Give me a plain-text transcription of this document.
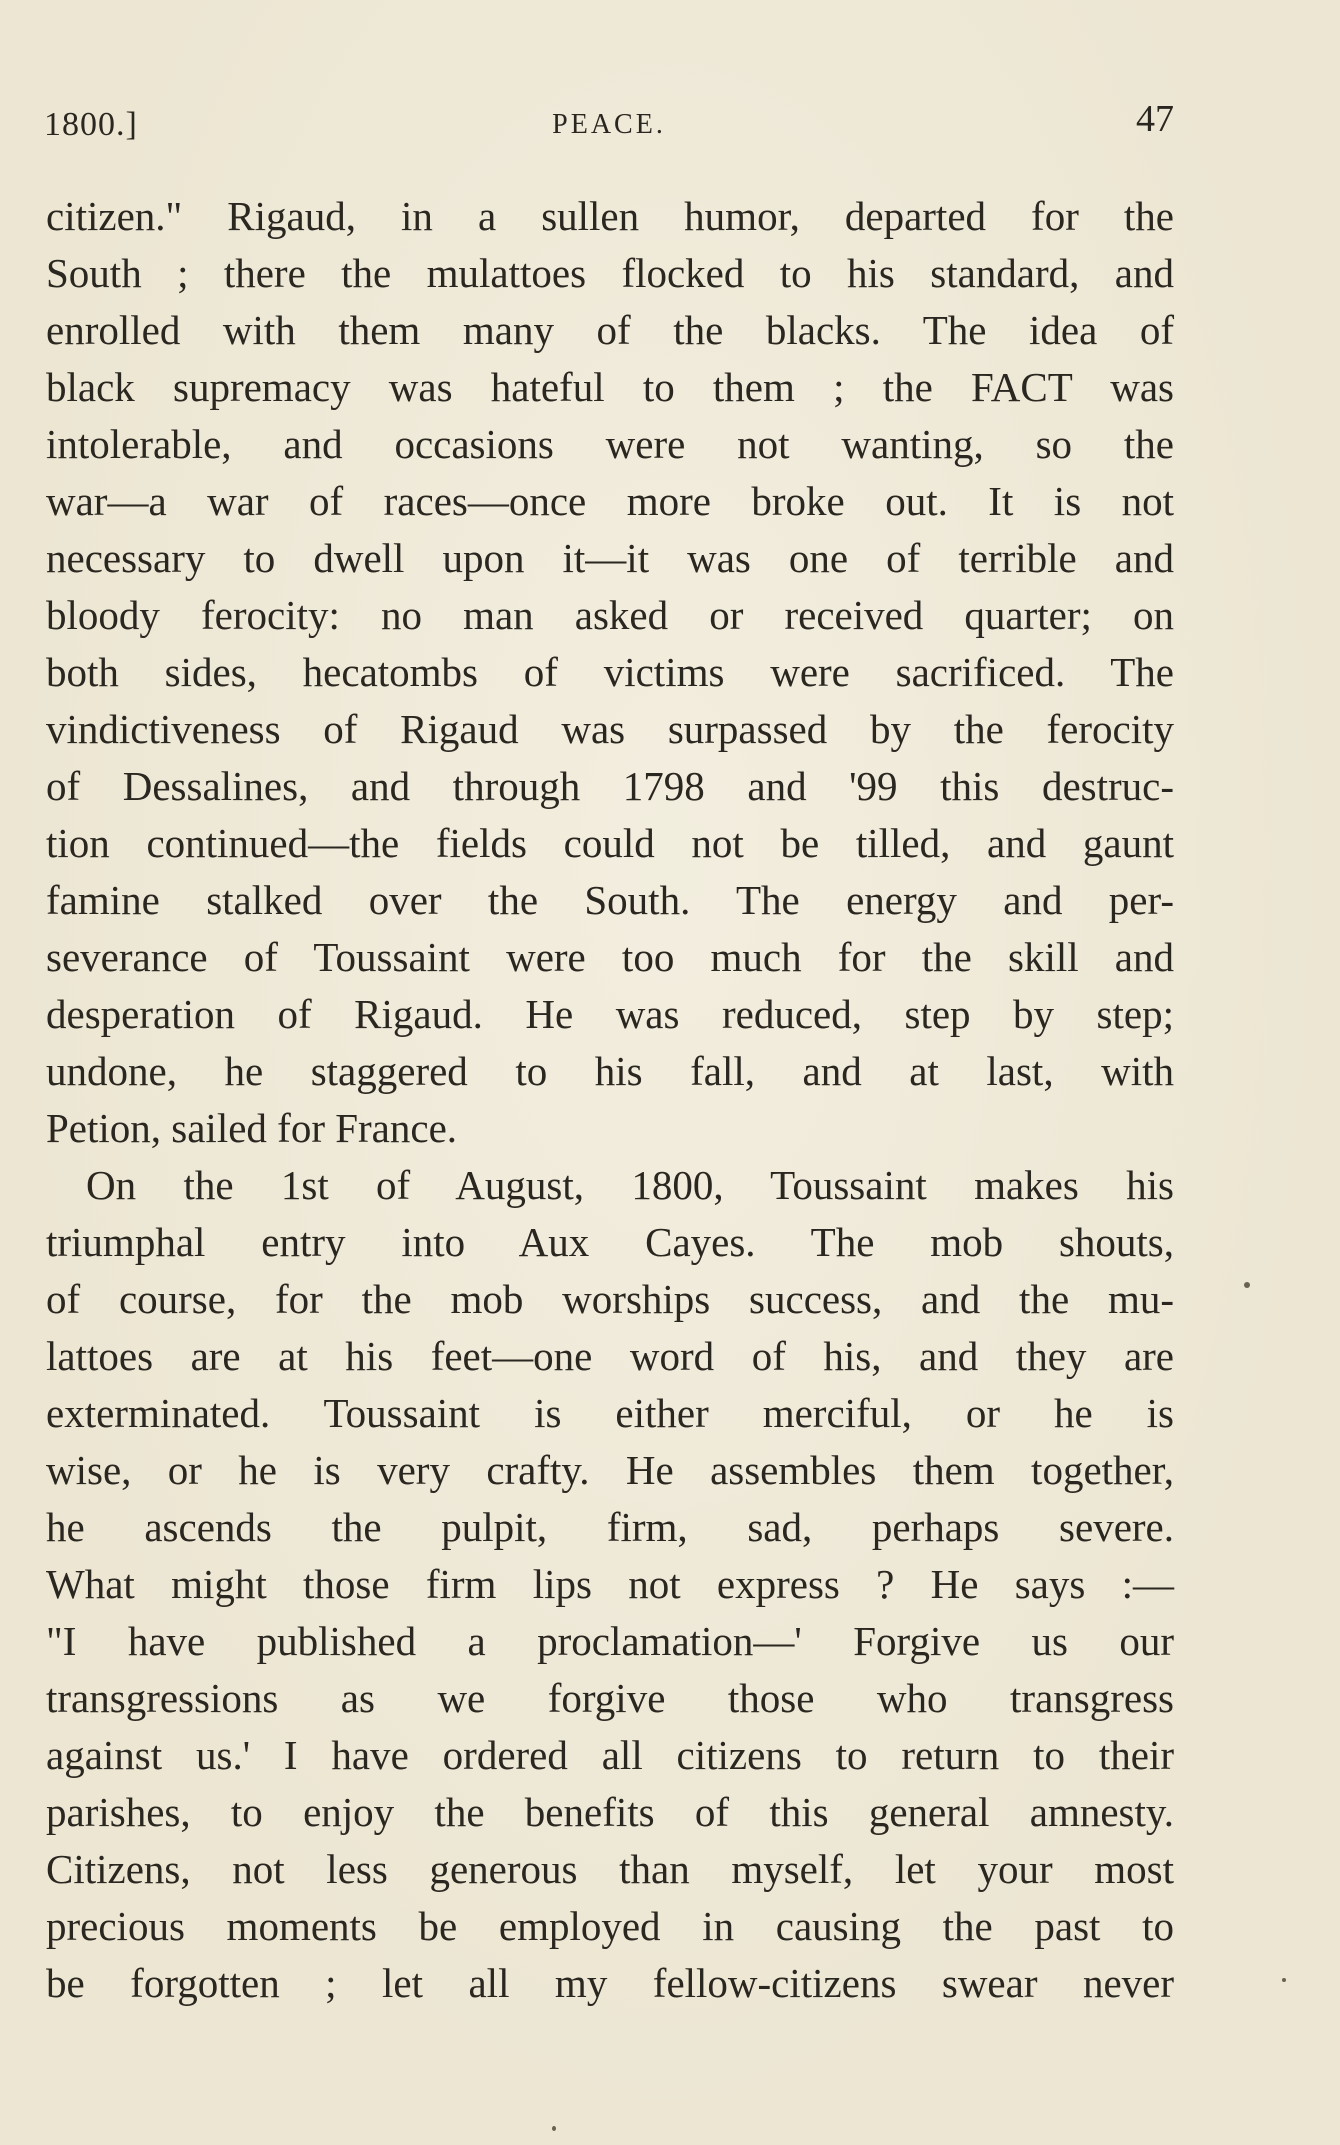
1800.]	PEACE.	47
citizen." Rigaud, in a sullen humor, departed for the
South ; there the mulattoes flocked to his standard, and
enrolled with them many of the blacks. The idea of
black supremacy was hateful to them ; the FACT was
intolerable, and occasions were not wanting, so the
war—a war of races—once more broke out. It is not
necessary to dwell upon it—it was one of terrible and
bloody ferocity: no man asked or received quarter; on
both sides, hecatombs of victims were sacrificed. The
vindictiveness of Rigaud was surpassed by the ferocity
of Dessalines, and through 1798 and '99 this destruc-
tion continued—the fields could not be tilled, and gaunt
famine stalked over the South. The energy and per-
severance of Toussaint were too much for the skill and
desperation of Rigaud. He was reduced, step by step;
undone, he staggered to his fall, and at last, with
Petion, sailed for France.
On the 1st of August, 1800, Toussaint makes his
triumphal entry into Aux Cayes. The mob shouts,
of course, for the mob worships success, and the mu-
lattoes are at his feet—one word of his, and they are
exterminated. Toussaint is either merciful, or he is
wise, or he is very crafty. He assembles them together,
he ascends the pulpit, firm, sad, perhaps severe.
What might those firm lips not express ? He says :—
"I have published a proclamation—' Forgive us our
transgressions as we forgive those who transgress
against us.' I have ordered all citizens to return to their
parishes, to enjoy the benefits of this general amnesty.
Citizens, not less generous than myself, let your most
precious moments be employed in causing the past to
be forgotten ; let all my fellow-citizens swear never
